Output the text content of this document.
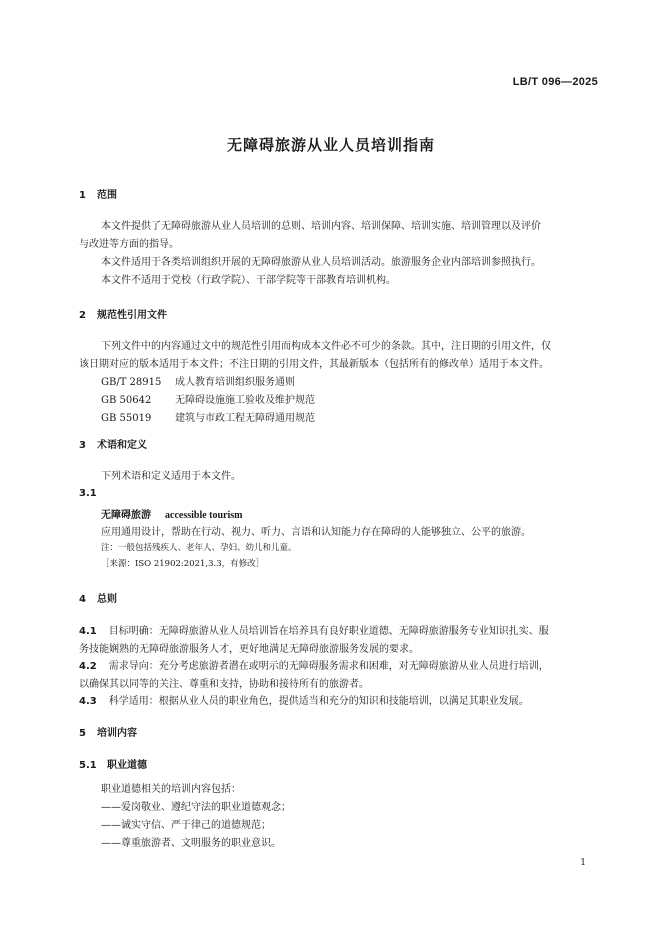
LB/T 096—2025
无障碍旅游从业人员培训指南
1 范围
本文件提供了无障碍旅游从业人员培训的总则、培训内容、培训保障、培训实施、培训管理以及评价
与改进等方面的指导。
本文件适用于各类培训组织开展的无障碍旅游从业人员培训活动。旅游服务企业内部培训参照执行。
本文件不适用于党校（行政学院）、干部学院等干部教育培训机构。
2 规范性引用文件
下列文件中的内容通过文中的规范性引用而构成本文件必不可少的条款。其中，注日期的引用文件，仅
该日期对应的版本适用于本文件；不注日期的引用文件，其最新版本（包括所有的修改单）适用于本文件。
GB/T 28915 成人教育培训组织服务通则
GB 50642 无障碍设施施工验收及维护规范
GB 55019 建筑与市政工程无障碍通用规范
3 术语和定义
下列术语和定义适用于本文件。
3.1
无障碍旅游 accessible tourism
应用通用设计，帮助在行动、视力、听力、言语和认知能力存在障碍的人能够独立、公平的旅游。
注：一般包括残疾人、老年人、孕妇、幼儿和儿童。
［来源：ISO 21902:2021,3.3，有修改］
4 总则
4.1 目标明确：无障碍旅游从业人员培训旨在培养具有良好职业道德、无障碍旅游服务专业知识扎实、服
务技能娴熟的无障碍旅游服务人才，更好地满足无障碍旅游服务发展的要求。
4.2 需求导向：充分考虑旅游者潜在或明示的无障碍服务需求和困难，对无障碍旅游从业人员进行培训，
以确保其以同等的关注、尊重和支持，协助和接待所有的旅游者。
4.3 科学适用：根据从业人员的职业角色，提供适当和充分的知识和技能培训，以满足其职业发展。
5 培训内容
5.1 职业道德
职业道德相关的培训内容包括：
——爱岗敬业、遵纪守法的职业道德观念；
——诚实守信、严于律己的道德规范；
——尊重旅游者、文明服务的职业意识。
1
